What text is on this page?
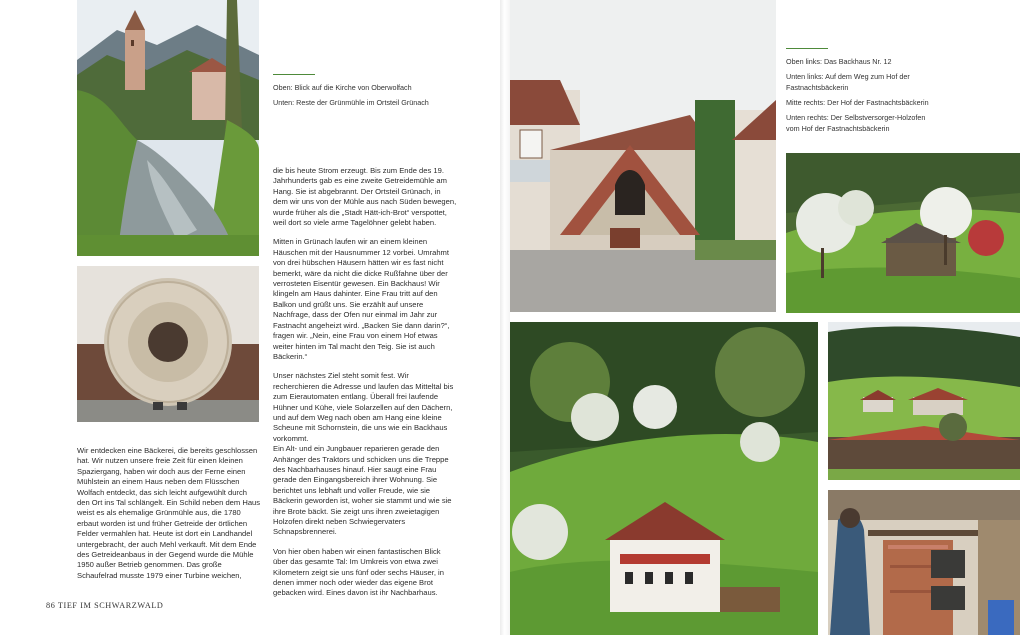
Oben: Blick auf die Kirche von Oberwolfach

Unten: Reste der Grünmühle im Ortsteil Grünach

Wir entdecken eine Bäckerei, die bereits geschlossen hat. Wir nutzen unsere freie Zeit für einen kleinen Spaziergang, haben wir doch aus der Ferne einen Mühlstein an einem Haus neben dem Flüsschen Wolfach entdeckt, das sich leicht aufgewühlt durch den Ort ins Tal schlängelt. Ein Schild neben dem Haus weist es als ehemalige Grünmühle aus, die 1780 erbaut worden ist und früher Getreide der örtlichen Felder vermahlen hat. Heute ist dort ein Landhandel untergebracht, der auch Mehl verkauft. Mit dem Ende des Getreideanbaus in der Gegend wurde die Mühle 1950 außer Betrieb genommen. Das große Schaufelrad musste 1979 einer Turbine weichen,

die bis heute Strom erzeugt. Bis zum Ende des 19. Jahrhunderts gab es eine zweite Getreidemühle am Hang. Sie ist abgebrannt. Der Ortsteil Grünach, in dem wir uns von der Mühle aus nach Süden bewegen, wurde früher als die „Stadt Hätt-ich-Brot“ verspottet, weil dort so viele arme Tagelöhner gelebt haben.

Mitten in Grünach laufen wir an einem kleinen Häuschen mit der Hausnummer 12 vorbei. Umrahmt von drei hübschen Häusern hätten wir es fast nicht bemerkt, wäre da nicht die dicke Rußfahne über der verrosteten Eisentür gewesen. Ein Backhaus! Wir klingeln am Haus dahinter. Eine Frau tritt auf den Balkon und grüßt uns. Sie erzählt auf unsere Nachfrage, dass der Ofen nur einmal im Jahr zur Fastnacht angeheizt wird. „Backen Sie dann darin?“, fragen wir. „Nein, eine Frau von einem Hof etwas weiter hinten im Tal macht den Teig. Sie ist auch Bäckerin.“

Unser nächstes Ziel steht somit fest. Wir recherchieren die Adresse und laufen das Mitteltal bis zum Eierautomaten entlang. Überall frei laufende Hühner und Kühe, viele Solarzellen auf den Dächern, und auf dem Weg nach oben am Hang eine kleine Scheune mit Schornstein, die uns wie ein Backhaus vorkommt.

Ein Alt- und ein Jungbauer reparieren gerade den Anhänger des Traktors und schicken uns die Treppe des Nachbarhauses hinauf. Hier saugt eine Frau gerade den Eingangsbereich ihrer Wohnung. Sie berichtet uns lebhaft und voller Freude, wie sie Bäckerin geworden ist, woher sie stammt und wie sie ihre Brote bäckt. Sie zeigt uns ihren zweietagigen Holzofen direkt neben Schwiegervaters Schnapsbrennerei.

Von hier oben haben wir einen fantastischen Blick über das gesamte Tal: Im Umkreis von etwa zwei Kilometern zeigt sie uns fünf oder sechs Häuser, in denen immer noch oder wieder das eigene Brot gebacken wird. Eines davon ist ihr Nachbarhaus.

86 TIEF IM SCHWARZWALD

Oben links: Das Backhaus Nr. 12

Unten links: Auf dem Weg zum Hof der Fastnachtsbäckerin

Mitte rechts: Der Hof der Fastnachtsbäckerin

Unten rechts: Der Selbstversorger-Holzofen vom Hof der Fastnachtsbäckerin
